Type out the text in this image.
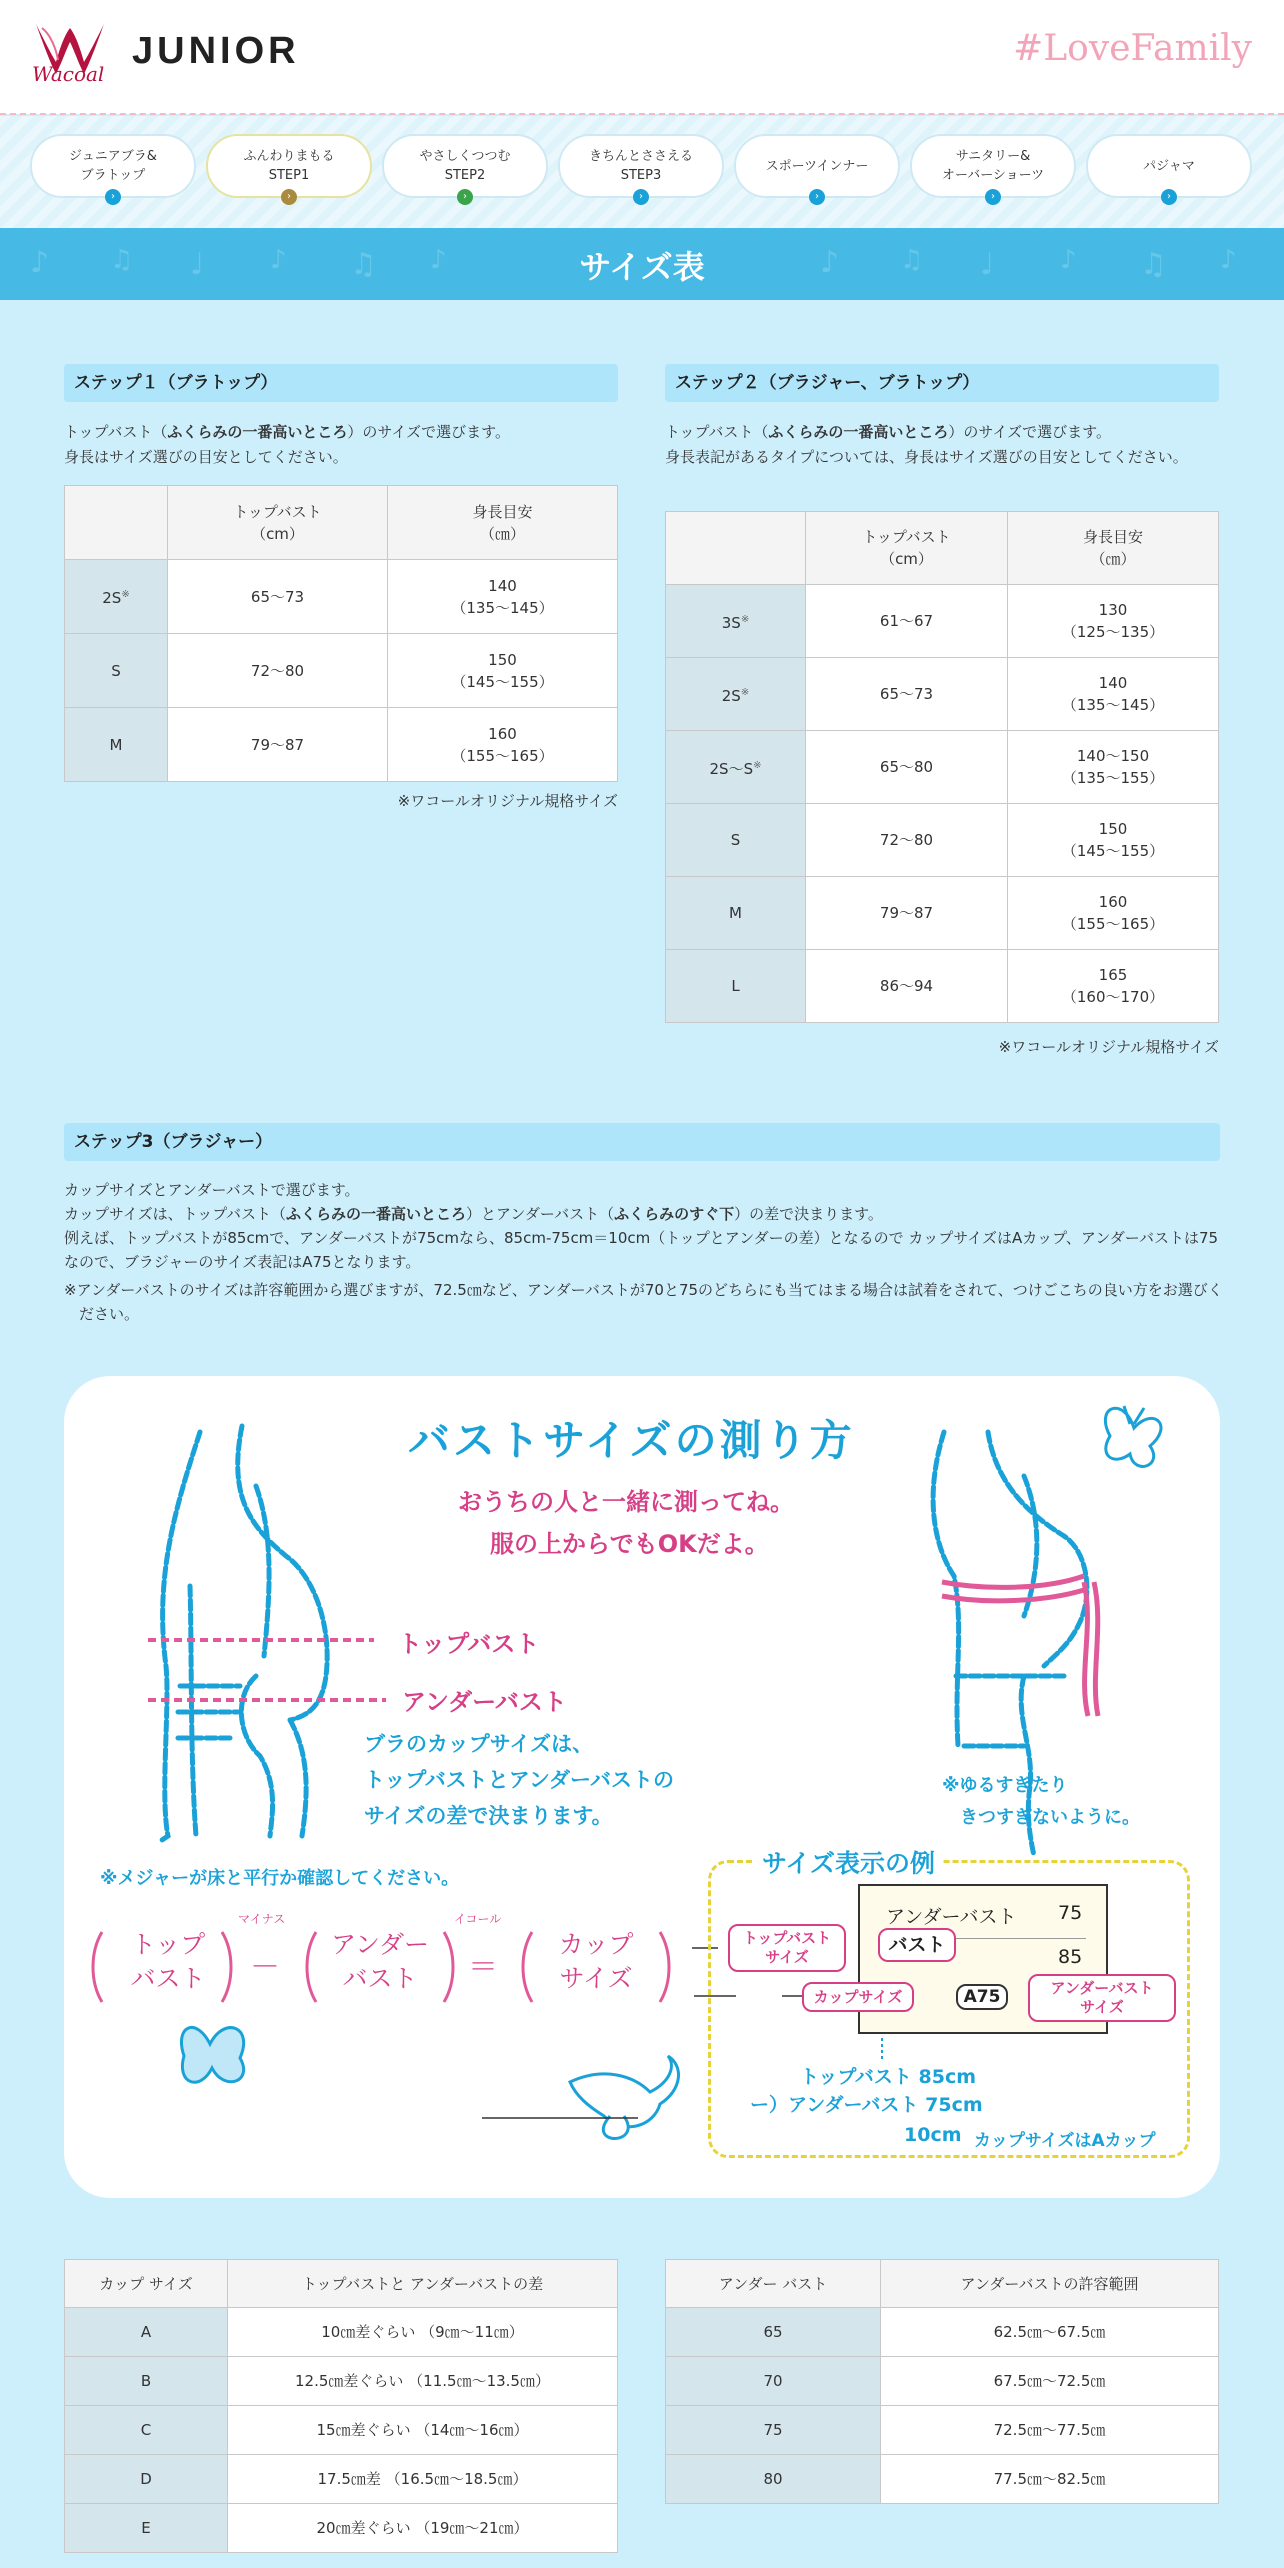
Wacoal
JUNIOR	#LoveFamily
ジュニアブラ&
ブラトップ
›
ふんわりまもる
STEP1
›
やさしくつつむ
STEP2
›
きちんとささえる
STEP3
›
スポーツインナー
›
サニタリー&
オーバーショーツ
›
パジャマ
›
♪ ♫ ♩	♪ ♫ ♪	♪ ♫ ♩	♪ ♫ ♪
サイズ表
ステップ１（ブラトップ）
トップバスト（ふくらみの一番高いところ）のサイズで選びます。
身長はサイズ選びの目安としてください。
	トップバスト
（cm）	身長目安
（㎝）
2S※	65～73	140
（135～145）
S	72～80	150
（145～155）
M	79～87	160
（155～165）
※ワコールオリジナル規格サイズ
ステップ２（ブラジャー、ブラトップ）
トップバスト（ふくらみの一番高いところ）のサイズで選びます。
身長表記があるタイプについては、身長はサイズ選びの目安としてください。
	トップバスト
（cm）	身長目安
（㎝）
3S※	61～67	130
（125～135）
2S※	65～73	140
（135～145）
2S～S※	65～80	140～150
（135～155）
S	72～80	150
（145～155）
M	79～87	160
（155～165）
L	86～94	165
（160～170）
※ワコールオリジナル規格サイズ
ステップ3（ブラジャー）
カップサイズとアンダーバストで選びます。
カップサイズは、トップバスト（ふくらみの一番高いところ）とアンダーバスト（ふくらみのすぐ下）の差で決まります。
例えば、トップバストが85cmで、アンダーバストが75cmなら、85cm-75cm＝10cm（トップとアンダーの差）となるので カップサイズはAカップ、アンダーバストは75なので、ブラジャーのサイズ表記はA75となります。
※アンダーバストのサイズは許容範囲から選びますが、72.5㎝など、アンダーバストが70と75のどちらにも当てはまる場合は試着をされて、つけごこちの良い方をお選びください。
バストサイズの測り方
おうちの人と一緒に測ってね。
服の上からでもOKだよ。
トップバスト
アンダーバスト
ブラのカップサイズは、
トップバストとアンダーバストの
サイズの差で決まります。
※ゆるすぎたり
　きつすぎないように。
※メジャーが床と平行か確認してください。
トップ
バスト
マイナス
－
アンダー
バスト
イコール
＝
カップ
サイズ
サイズ表示の例
アンダーバスト 75
85
バスト
A75
トップバスト
サイズ
カップサイズ	アンダーバスト
サイズ
トップバスト 85cm
ー）アンダーバスト 75cm
10cm カップサイズはAカップ
カップ サイズ	トップバストと アンダーバストの差
A	10㎝差ぐらい （9㎝～11㎝）
B	12.5㎝差ぐらい （11.5㎝～13.5㎝）
C	15㎝差ぐらい （14㎝～16㎝）
D	17.5㎝差 （16.5㎝～18.5㎝）
E	20㎝差ぐらい （19㎝～21㎝）
アンダー バスト	アンダーバストの許容範囲
65	62.5㎝～67.5㎝
70	67.5㎝～72.5㎝
75	72.5㎝～77.5㎝
80	77.5㎝～82.5㎝
